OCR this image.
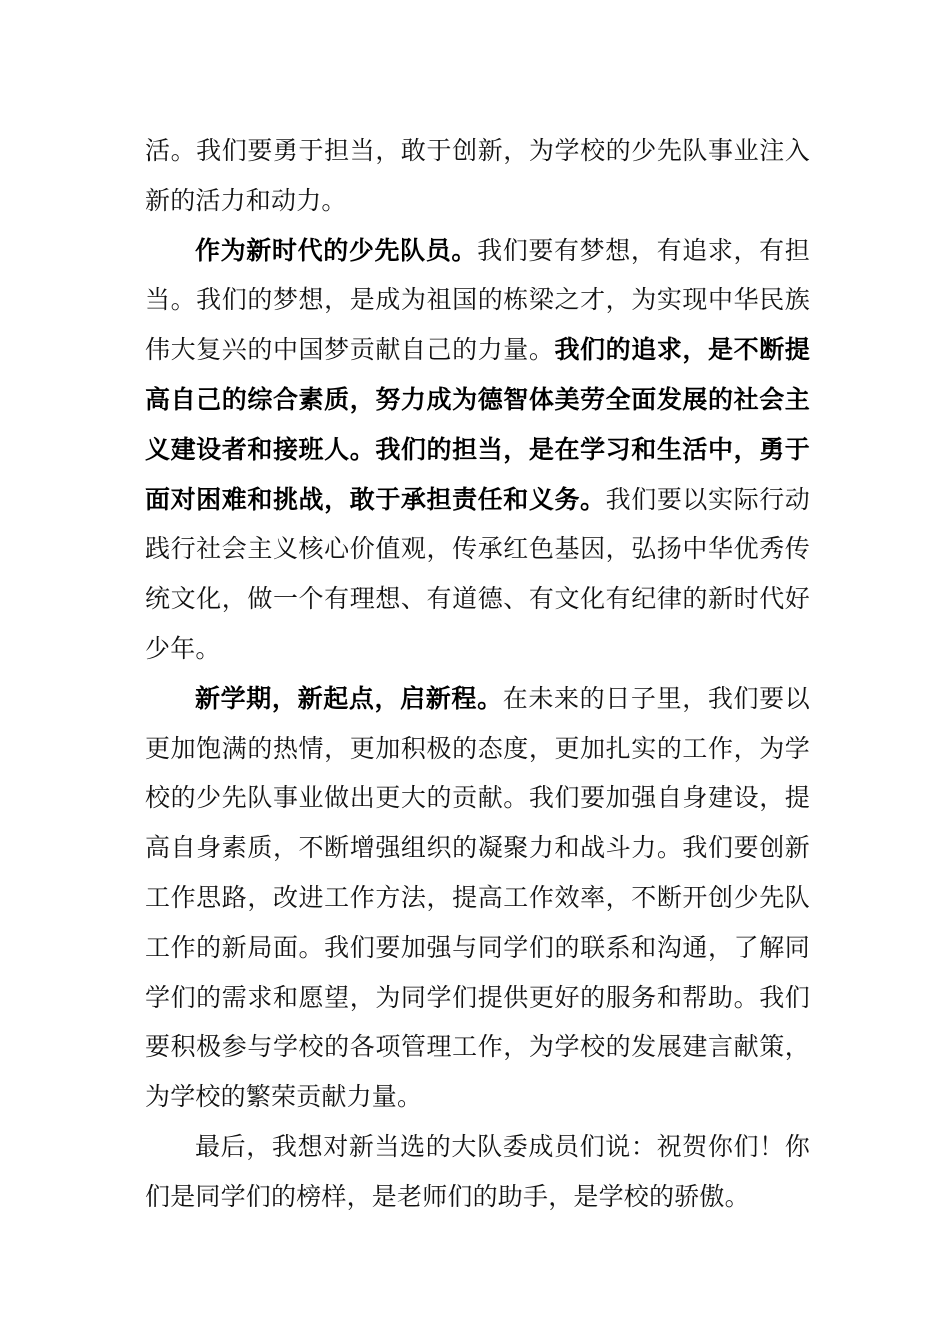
活。我们要勇于担当，敢于创新，为学校的少先队事业注入新的活力和动力。

作为新时代的少先队员。我们要有梦想，有追求，有担当。我们的梦想，是成为祖国的栋梁之才，为实现中华民族伟大复兴的中国梦贡献自己的力量。我们的追求，是不断提高自己的综合素质，努力成为德智体美劳全面发展的社会主义建设者和接班人。我们的担当，是在学习和生活中，勇于面对困难和挑战，敢于承担责任和义务。我们要以实际行动践行社会主义核心价值观，传承红色基因，弘扬中华优秀传统文化，做一个有理想、有道德、有文化有纪律的新时代好少年。

新学期，新起点，启新程。在未来的日子里，我们要以更加饱满的热情，更加积极的态度，更加扎实的工作，为学校的少先队事业做出更大的贡献。我们要加强自身建设，提高自身素质，不断增强组织的凝聚力和战斗力。我们要创新工作思路，改进工作方法，提高工作效率，不断开创少先队工作的新局面。我们要加强与同学们的联系和沟通，了解同学们的需求和愿望，为同学们提供更好的服务和帮助。我们要积极参与学校的各项管理工作，为学校的发展建言献策，为学校的繁荣贡献力量。

最后，我想对新当选的大队委成员们说：祝贺你们！你们是同学们的榜样，是老师们的助手，是学校的骄傲。
